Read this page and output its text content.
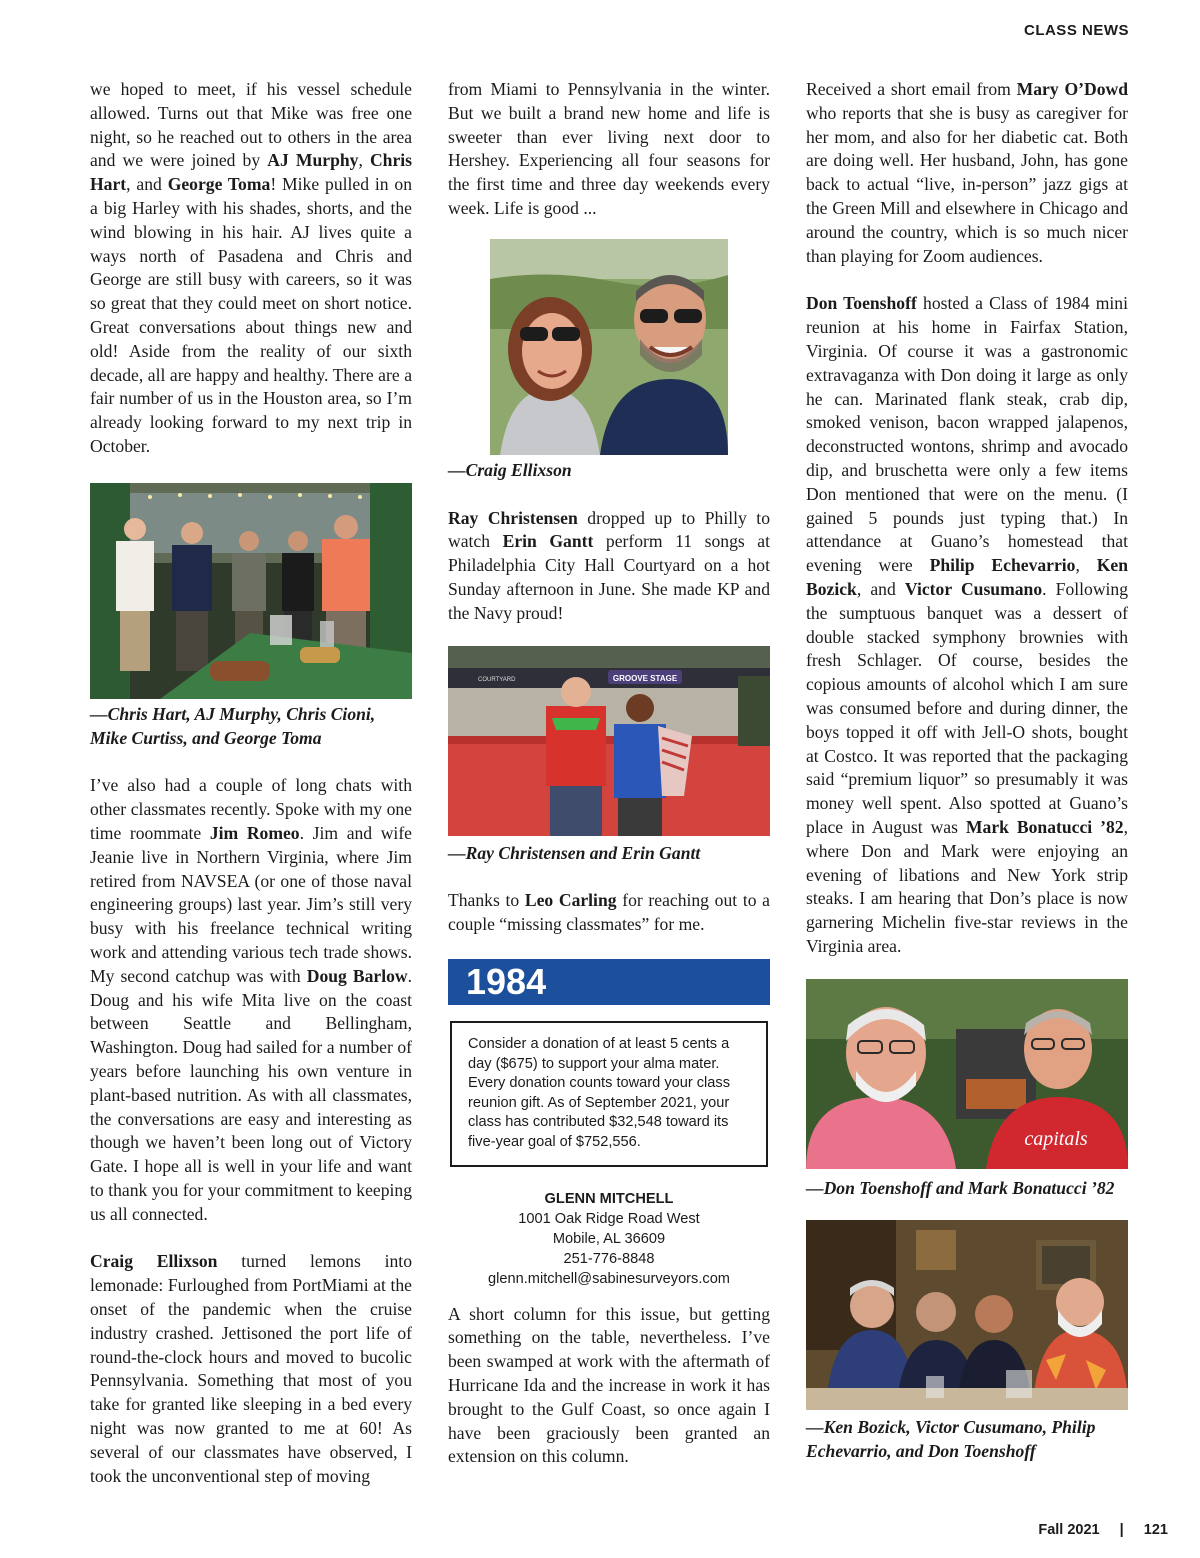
CLASS NEWS

we hoped to meet, if his vessel schedule allowed. Turns out that Mike was free one night, so he reached out to others in the area and we were joined by AJ Murphy, Chris Hart, and George Toma! Mike pulled in on a big Harley with his shades, shorts, and the wind blowing in his hair. AJ lives quite a ways north of Pasadena and Chris and George are still busy with careers, so it was so great that they could meet on short notice. Great conversations about things new and old! Aside from the reality of our sixth decade, all are happy and healthy. There are a fair number of us in the Houston area, so I’m already looking forward to my next trip in October.

—Chris Hart, AJ Murphy, Chris Cioni, Mike Curtiss, and George Toma

I’ve also had a couple of long chats with other classmates recently. Spoke with my one time roommate Jim Romeo. Jim and wife Jeanie live in Northern Virginia, where Jim retired from NAVSEA (or one of those naval engineering groups) last year. Jim’s still very busy with his freelance technical writing work and attending various tech trade shows. My second catchup was with Doug Barlow. Doug and his wife Mita live on the coast between Seattle and Bellingham, Washington. Doug had sailed for a number of years before launching his own venture in plant-based nutrition. As with all classmates, the conversations are easy and interesting as though we haven’t been long out of Victory Gate. I hope all is well in your life and want to thank you for your commitment to keeping us all connected.

Craig Ellixson turned lemons into lemonade: Furloughed from PortMiami at the onset of the pandemic when the cruise industry crashed. Jettisoned the port life of round-the-clock hours and moved to bucolic Pennsylvania. Something that most of you take for granted like sleeping in a bed every night was now granted to me at 60! As several of our classmates have observed, I took the unconventional step of moving

from Miami to Pennsylvania in the winter. But we built a brand new home and life is sweeter than ever living next door to Hershey. Experiencing all four seasons for the first time and three day weekends every week. Life is good ...

—Craig Ellixson

Ray Christensen dropped up to Philly to watch Erin Gantt perform 11 songs at Philadelphia City Hall Courtyard on a hot Sunday afternoon in June. She made KP and the Navy proud!

GROOVE STAGE
COURTYARD

—Ray Christensen and Erin Gantt

Thanks to Leo Carling for reaching out to a couple “missing classmates” for me.

1984
Consider a donation of at least 5 cents a day ($675) to support your alma mater. Every donation counts toward your class reunion gift. As of September 2021, your class has contributed $32,548 toward its five-year goal of $752,556.
GLENN MITCHELL
1001 Oak Ridge Road West
Mobile, AL 36609
251-776-8848
glenn.mitchell@sabinesurveyors.com

A short column for this issue, but getting something on the table, nevertheless. I’ve been swamped at work with the aftermath of Hurricane Ida and the increase in work it has brought to the Gulf Coast, so once again I have been graciously been granted an extension on this column.

Received a short email from Mary O’Dowd who reports that she is busy as caregiver for her mom, and also for her diabetic cat. Both are doing well. Her husband, John, has gone back to actual “live, in-person” jazz gigs at the Green Mill and elsewhere in Chicago and around the country, which is so much nicer than playing for Zoom audiences.

Don Toenshoff hosted a Class of 1984 mini reunion at his home in Fairfax Station, Virginia. Of course it was a gastronomic extravaganza with Don doing it large as only he can. Marinated flank steak, crab dip, smoked venison, bacon wrapped jalapenos, deconstructed wontons, shrimp and avocado dip, and bruschetta were only a few items Don mentioned that were on the menu. (I gained 5 pounds just typing that.) In attendance at Guano’s homestead that evening were Philip Echevarrio, Ken Bozick, and Victor Cusumano. Following the sumptuous banquet was a dessert of double stacked symphony brownies with fresh Schlager. Of course, besides the copious amounts of alcohol which I am sure was consumed before and during dinner, the boys topped it off with Jell-O shots, bought at Costco. It was reported that the packaging said “premium liquor” so presumably it was money well spent. Also spotted at Guano’s place in August was Mark Bonatucci ’82, where Don and Mark were enjoying an evening of libations and New York strip steaks. I am hearing that Don’s place is now garnering Michelin five-star reviews in the Virginia area.

capitals

—Don Toenshoff and Mark Bonatucci ’82

—Ken Bozick, Victor Cusumano, Philip Echevarrio, and Don Toenshoff

Fall 2021 | 121
